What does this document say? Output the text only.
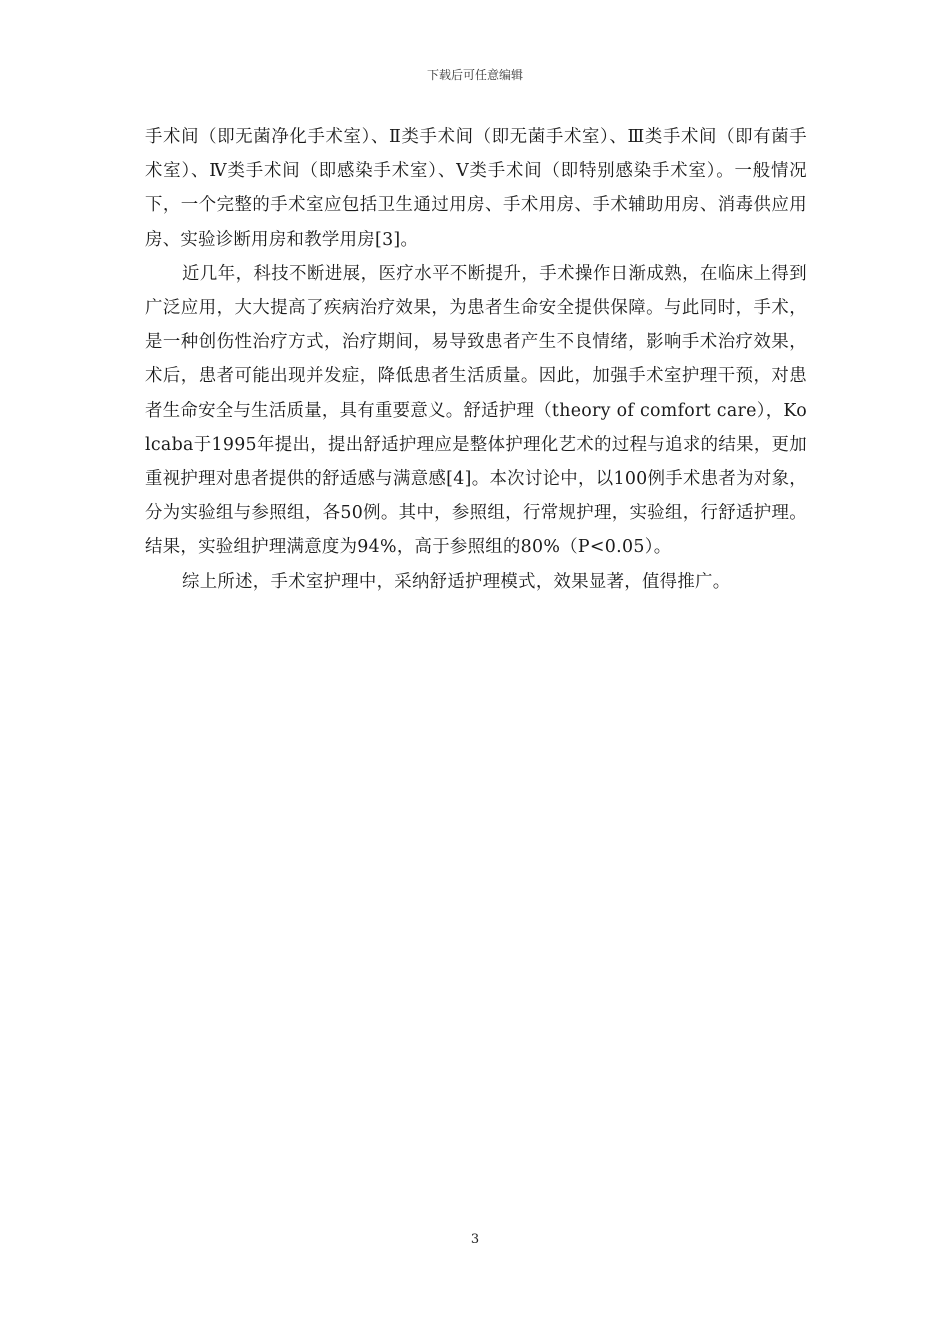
下载后可任意编辑

手术间（即无菌净化手术室）、Ⅱ类手术间（即无菌手术室）、Ⅲ类手术间（即有菌手术室）、Ⅳ类手术间（即感染手术室）、Ⅴ类手术间（即特别感染手术室）。一般情况下，一个完整的手术室应包括卫生通过用房、手术用房、手术辅助用房、消毒供应用房、实验诊断用房和教学用房[3]。

近几年，科技不断进展，医疗水平不断提升，手术操作日渐成熟，在临床上得到广泛应用，大大提高了疾病治疗效果，为患者生命安全提供保障。与此同时，手术，是一种创伤性治疗方式，治疗期间，易导致患者产生不良情绪，影响手术治疗效果，术后，患者可能出现并发症，降低患者生活质量。因此，加强手术室护理干预，对患者生命安全与生活质量，具有重要意义。舒适护理（theory of comfort care），Kolcaba于1995年提出，提出舒适护理应是整体护理化艺术的过程与追求的结果，更加重视护理对患者提供的舒适感与满意感[4]。本次讨论中，以100例手术患者为对象，分为实验组与参照组，各50例。其中，参照组，行常规护理，实验组，行舒适护理。结果，实验组护理满意度为94%，高于参照组的80%（P<0.05）。

综上所述，手术室护理中，采纳舒适护理模式，效果显著，值得推广。

3
